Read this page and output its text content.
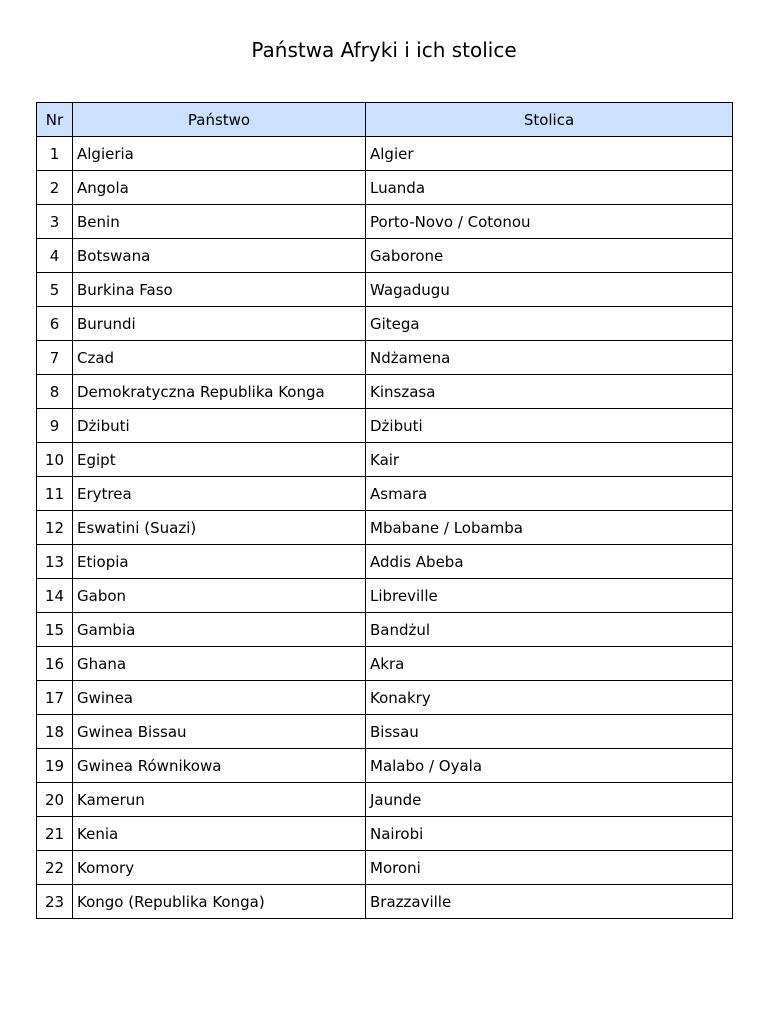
Państwa Afryki i ich stolice
Nr	Państwo	Stolica
1	Algieria	Algier
2	Angola	Luanda
3	Benin	Porto-Novo / Cotonou
4	Botswana	Gaborone
5	Burkina Faso	Wagadugu
6	Burundi	Gitega
7	Czad	Ndżamena
8	Demokratyczna Republika Konga	Kinszasa
9	Dżibuti	Dżibuti
10	Egipt	Kair
11	Erytrea	Asmara
12	Eswatini (Suazi)	Mbabane / Lobamba
13	Etiopia	Addis Abeba
14	Gabon	Libreville
15	Gambia	Bandżul
16	Ghana	Akra
17	Gwinea	Konakry
18	Gwinea Bissau	Bissau
19	Gwinea Równikowa	Malabo / Oyala
20	Kamerun	Jaunde
21	Kenia	Nairobi
22	Komory	Moroni
23	Kongo (Republika Konga)	Brazzaville
